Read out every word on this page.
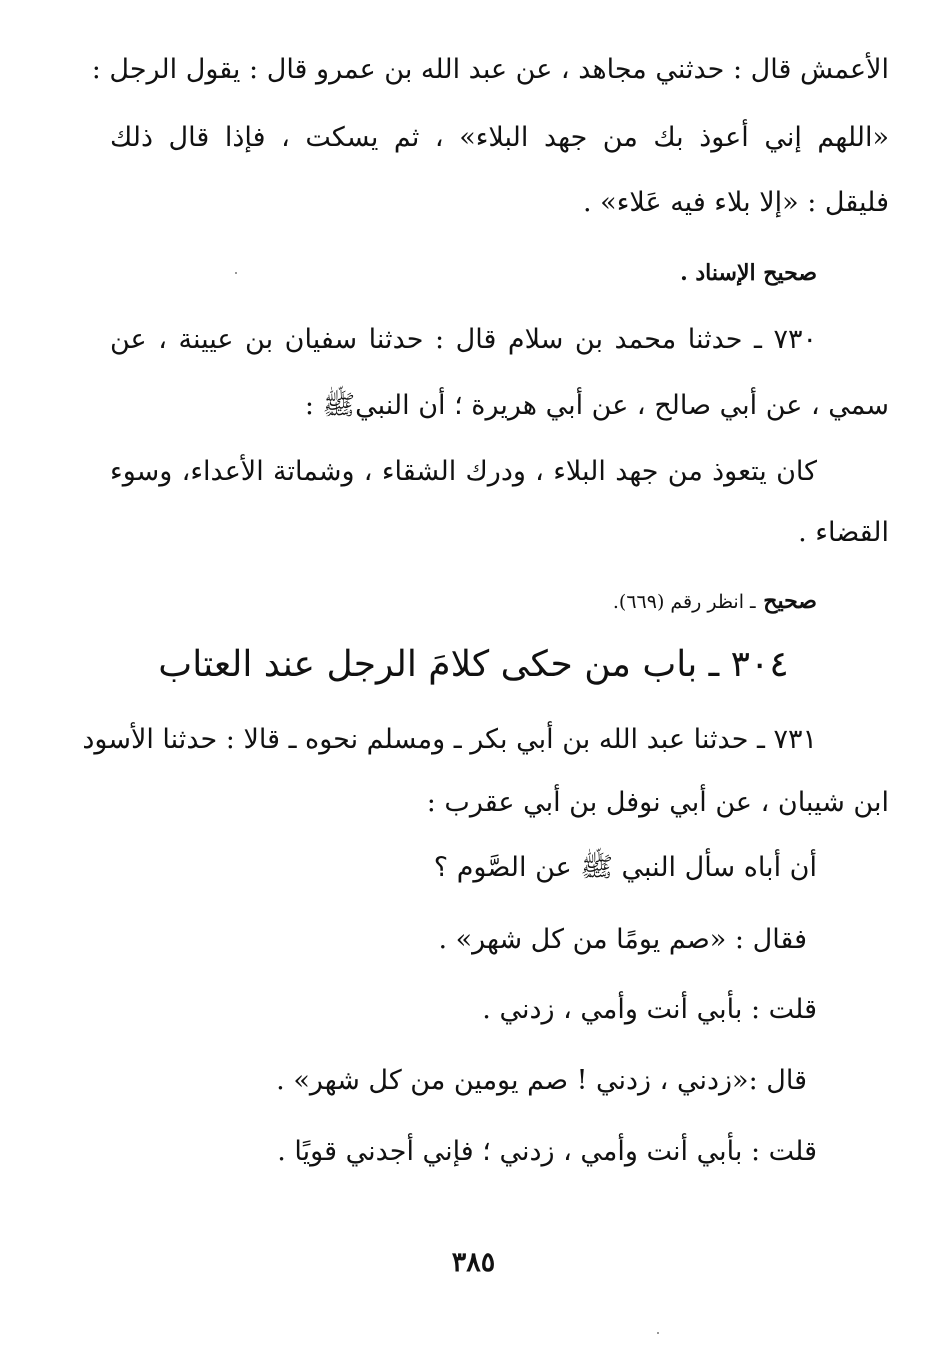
الأعمش قال : حدثني مجاهد ، عن عبد الله بن عمرو قال : يقول الرجل :
«اللهم إني أعوذ بك من جهد البلاء» ، ثم يسكت ، فإذا قال ذلك
فليقل : «إلا بلاء فيه عَلاء» .
صحيح الإسناد .
٧٣٠ ـ حدثنا محمد بن سلام قال : حدثنا سفيان بن عيينة ، عن
سمي ، عن أبي صالح ، عن أبي هريرة ؛ أن النبيﷺ :
كان يتعوذ من جهد البلاء ، ودرك الشقاء ، وشماتة الأعداء، وسوء
القضاء .
صحيح ـ انظر رقم (٦٦٩).
٣٠٤ ـ باب من حكى كلامَ الرجل عند العتاب
٧٣١ ـ حدثنا عبد الله بن أبي بكر ـ ومسلم نحوه ـ قالا : حدثنا الأسود
ابن شيبان ، عن أبي نوفل بن أبي عقرب :
أن أباه سأل النبي ﷺ عن الصَّوم ؟
فقال : «صم يومًا من كل شهر» .
قلت : بأبي أنت وأمي ، زدني .
قال :«زدني ، زدني ! صم يومين من كل شهر» .
قلت : بأبي أنت وأمي ، زدني ؛ فإني أجدني قويًا .
٣٨٥
